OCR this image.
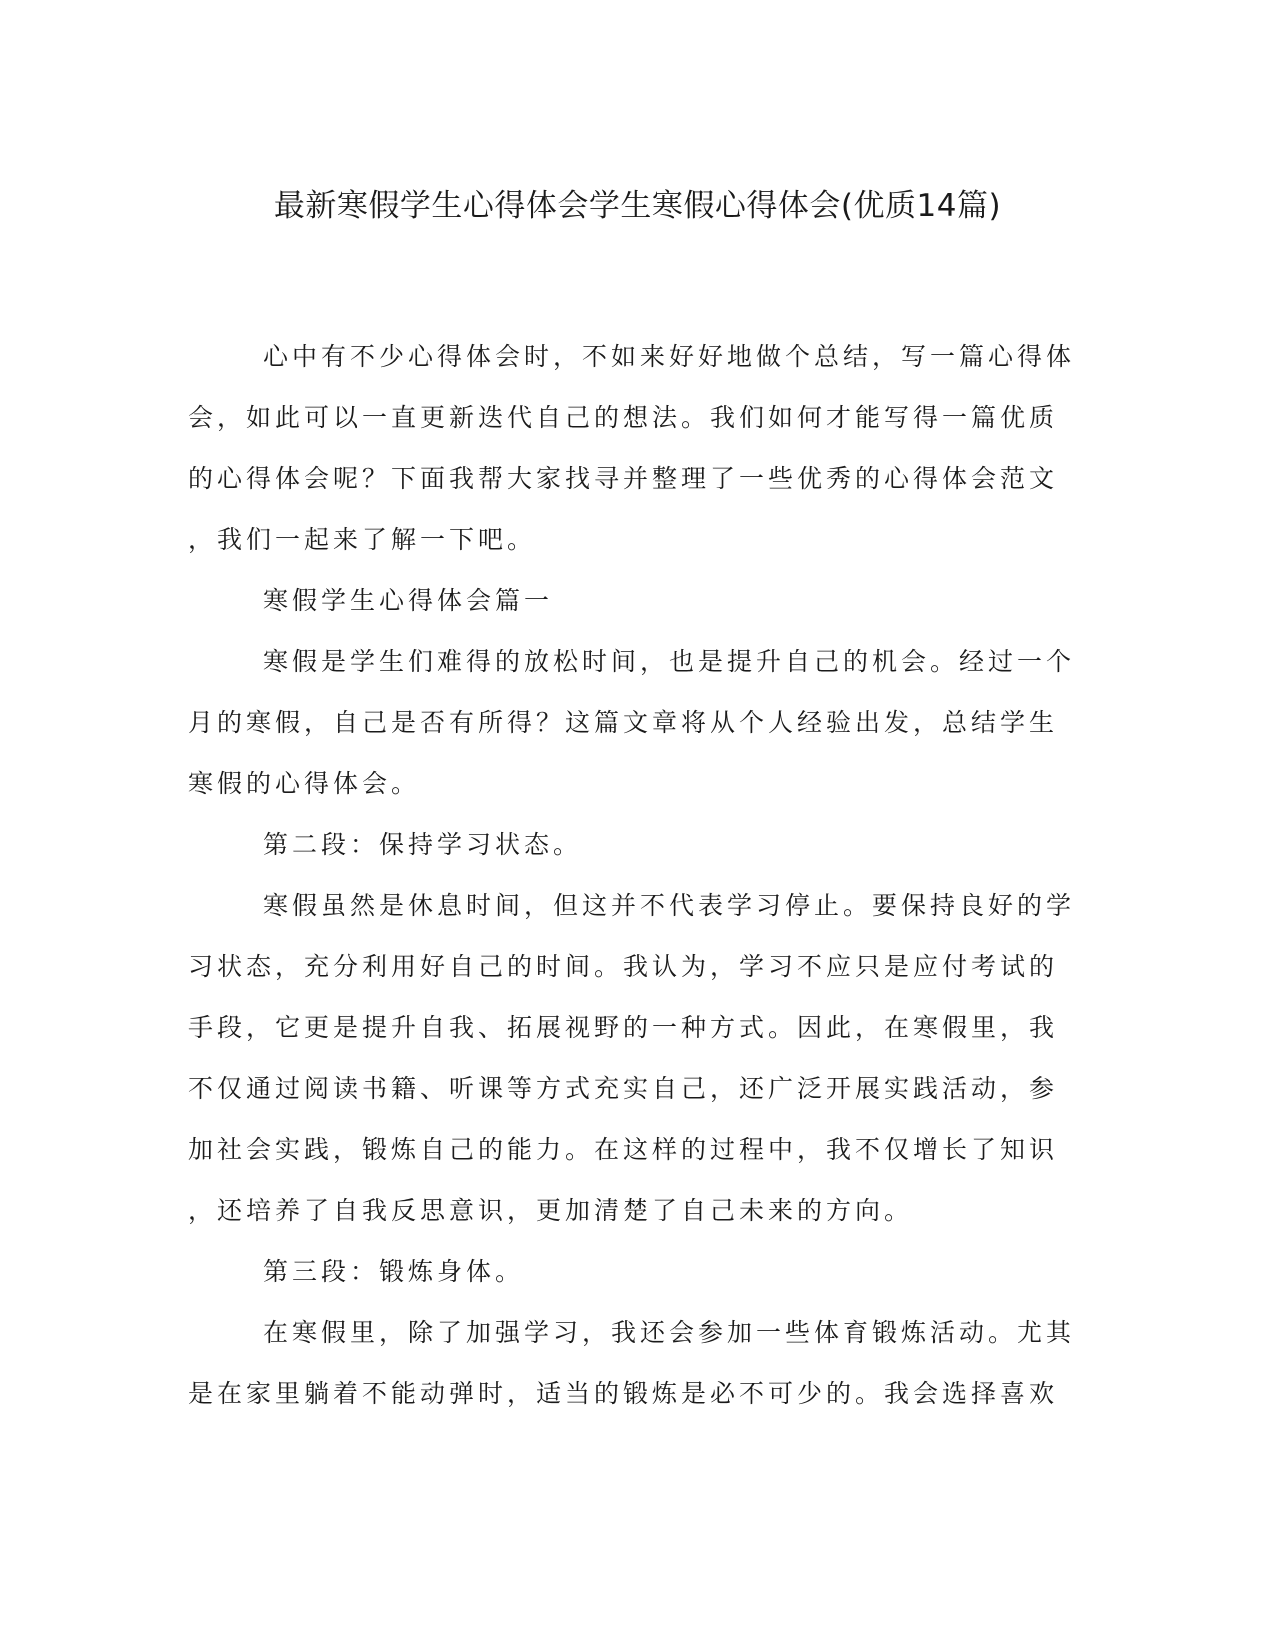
最新寒假学生心得体会学生寒假心得体会(优质14篇)
心中有不少心得体会时，不如来好好地做个总结，写一篇心得体
会，如此可以一直更新迭代自己的想法。我们如何才能写得一篇优质
的心得体会呢？下面我帮大家找寻并整理了一些优秀的心得体会范文
，我们一起来了解一下吧。
寒假学生心得体会篇一
寒假是学生们难得的放松时间，也是提升自己的机会。经过一个
月的寒假，自己是否有所得？这篇文章将从个人经验出发，总结学生
寒假的心得体会。
第二段：保持学习状态。
寒假虽然是休息时间，但这并不代表学习停止。要保持良好的学
习状态，充分利用好自己的时间。我认为，学习不应只是应付考试的
手段，它更是提升自我、拓展视野的一种方式。因此，在寒假里，我
不仅通过阅读书籍、听课等方式充实自己，还广泛开展实践活动，参
加社会实践，锻炼自己的能力。在这样的过程中，我不仅增长了知识
，还培养了自我反思意识，更加清楚了自己未来的方向。
第三段：锻炼身体。
在寒假里，除了加强学习，我还会参加一些体育锻炼活动。尤其
是在家里躺着不能动弹时，适当的锻炼是必不可少的。我会选择喜欢
